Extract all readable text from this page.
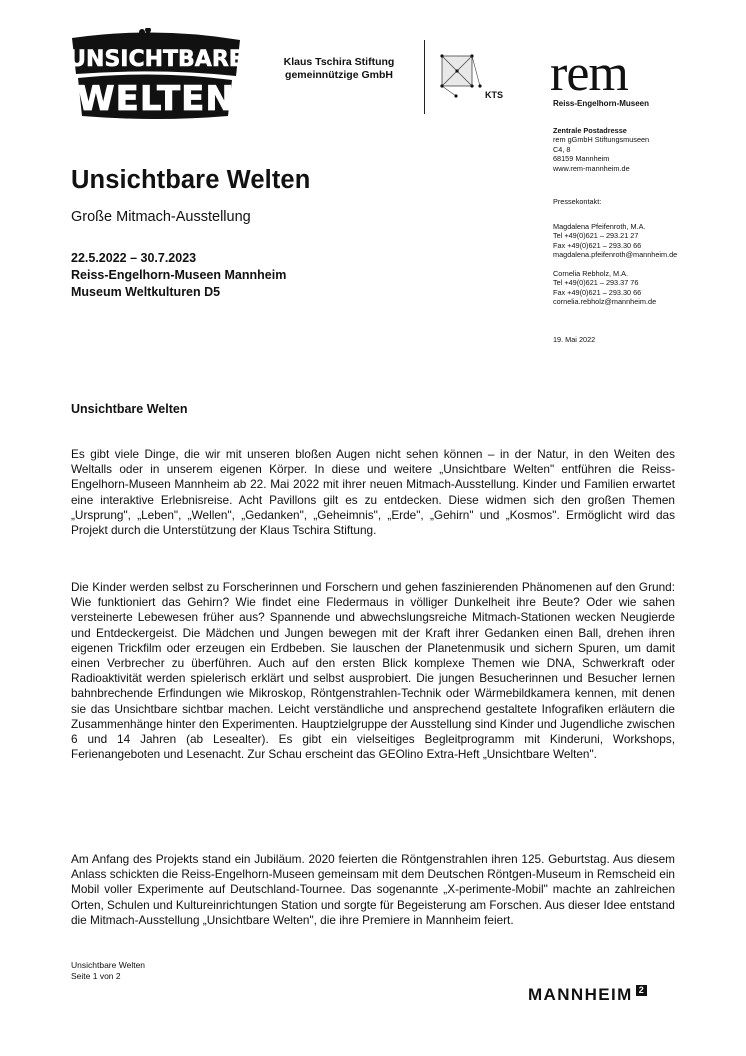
UNSICHTBARE
WELTEN
Klaus Tschira Stiftung
gemeinnützige GmbH
KTS rem
Reiss-Engelhorn-Museen
Zentrale Postadresse
rem gGmbH Stiftungsmuseen
C4, 8
68159 Mannheim
www.rem-mannheim.de
Pressekontakt:
Magdalena Pfeifenroth, M.A.
Tel +49(0)621 – 293.21 27
Fax +49(0)621 – 293.30 66
magdalena.pfeifenroth@mannheim.de
Cornelia Rebholz, M.A.
Tel +49(0)621 – 293.37 76
Fax +49(0)621 – 293.30 66
cornelia.rebholz@mannheim.de
19. Mai 2022
Unsichtbare Welten
Große Mitmach-Ausstellung
22.5.2022 – 30.7.2023
Reiss-Engelhorn-Museen Mannheim
Museum Weltkulturen D5
Unsichtbare Welten
Es gibt viele Dinge, die wir mit unseren bloßen Augen nicht sehen können – in der Natur, in den Weiten des Weltalls oder in unserem eigenen Körper. In diese und weitere „Unsichtbare Welten" entführen die Reiss-Engelhorn-Museen Mannheim ab 22. Mai 2022 mit ihrer neuen Mitmach-Ausstellung. Kinder und Familien erwartet eine interaktive Erlebnisreise. Acht Pavillons gilt es zu entdecken. Diese widmen sich den großen Themen „Ursprung", „Leben", „Wellen", „Gedanken", „Geheimnis", „Erde", „Gehirn" und „Kosmos". Ermöglicht wird das Projekt durch die Unterstützung der Klaus Tschira Stiftung.
Die Kinder werden selbst zu Forscherinnen und Forschern und gehen faszinierenden Phänomenen auf den Grund: Wie funktioniert das Gehirn? Wie findet eine Fledermaus in völliger Dunkelheit ihre Beute? Oder wie sahen versteinerte Lebewesen früher aus? Spannende und abwechslungsreiche Mitmach-Stationen wecken Neugierde und Entdeckergeist. Die Mädchen und Jungen bewegen mit der Kraft ihrer Gedanken einen Ball, drehen ihren eigenen Trickfilm oder erzeugen ein Erdbeben. Sie lauschen der Planetenmusik und sichern Spuren, um damit einen Verbrecher zu überführen. Auch auf den ersten Blick komplexe Themen wie DNA, Schwerkraft oder Radioaktivität werden spielerisch erklärt und selbst ausprobiert. Die jungen Besucherinnen und Besucher lernen bahnbrechende Erfindungen wie Mikroskop, Röntgenstrahlen-Technik oder Wärmebildkamera kennen, mit denen sie das Unsichtbare sichtbar machen. Leicht verständliche und ansprechend gestaltete Infografiken erläutern die Zusammenhänge hinter den Experimenten. Hauptzielgruppe der Ausstellung sind Kinder und Jugendliche zwischen 6 und 14 Jahren (ab Lesealter). Es gibt ein vielseitiges Begleitprogramm mit Kinderuni, Workshops, Ferienangeboten und Lesenacht. Zur Schau erscheint das GEOlino Extra-Heft „Unsichtbare Welten".
Am Anfang des Projekts stand ein Jubiläum. 2020 feierten die Röntgenstrahlen ihren 125. Geburtstag. Aus diesem Anlass schickten die Reiss-Engelhorn-Museen gemeinsam mit dem Deutschen Röntgen-Museum in Remscheid ein Mobil voller Experimente auf Deutschland-Tournee. Das sogenannte „X-perimente-Mobil" machte an zahlreichen Orten, Schulen und Kultureinrichtungen Station und sorgte für Begeisterung am Forschen. Aus dieser Idee entstand die Mitmach-Ausstellung „Unsichtbare Welten", die ihre Premiere in Mannheim feiert.
Unsichtbare Welten
Seite 1 von 2
MANNHEIM 2
